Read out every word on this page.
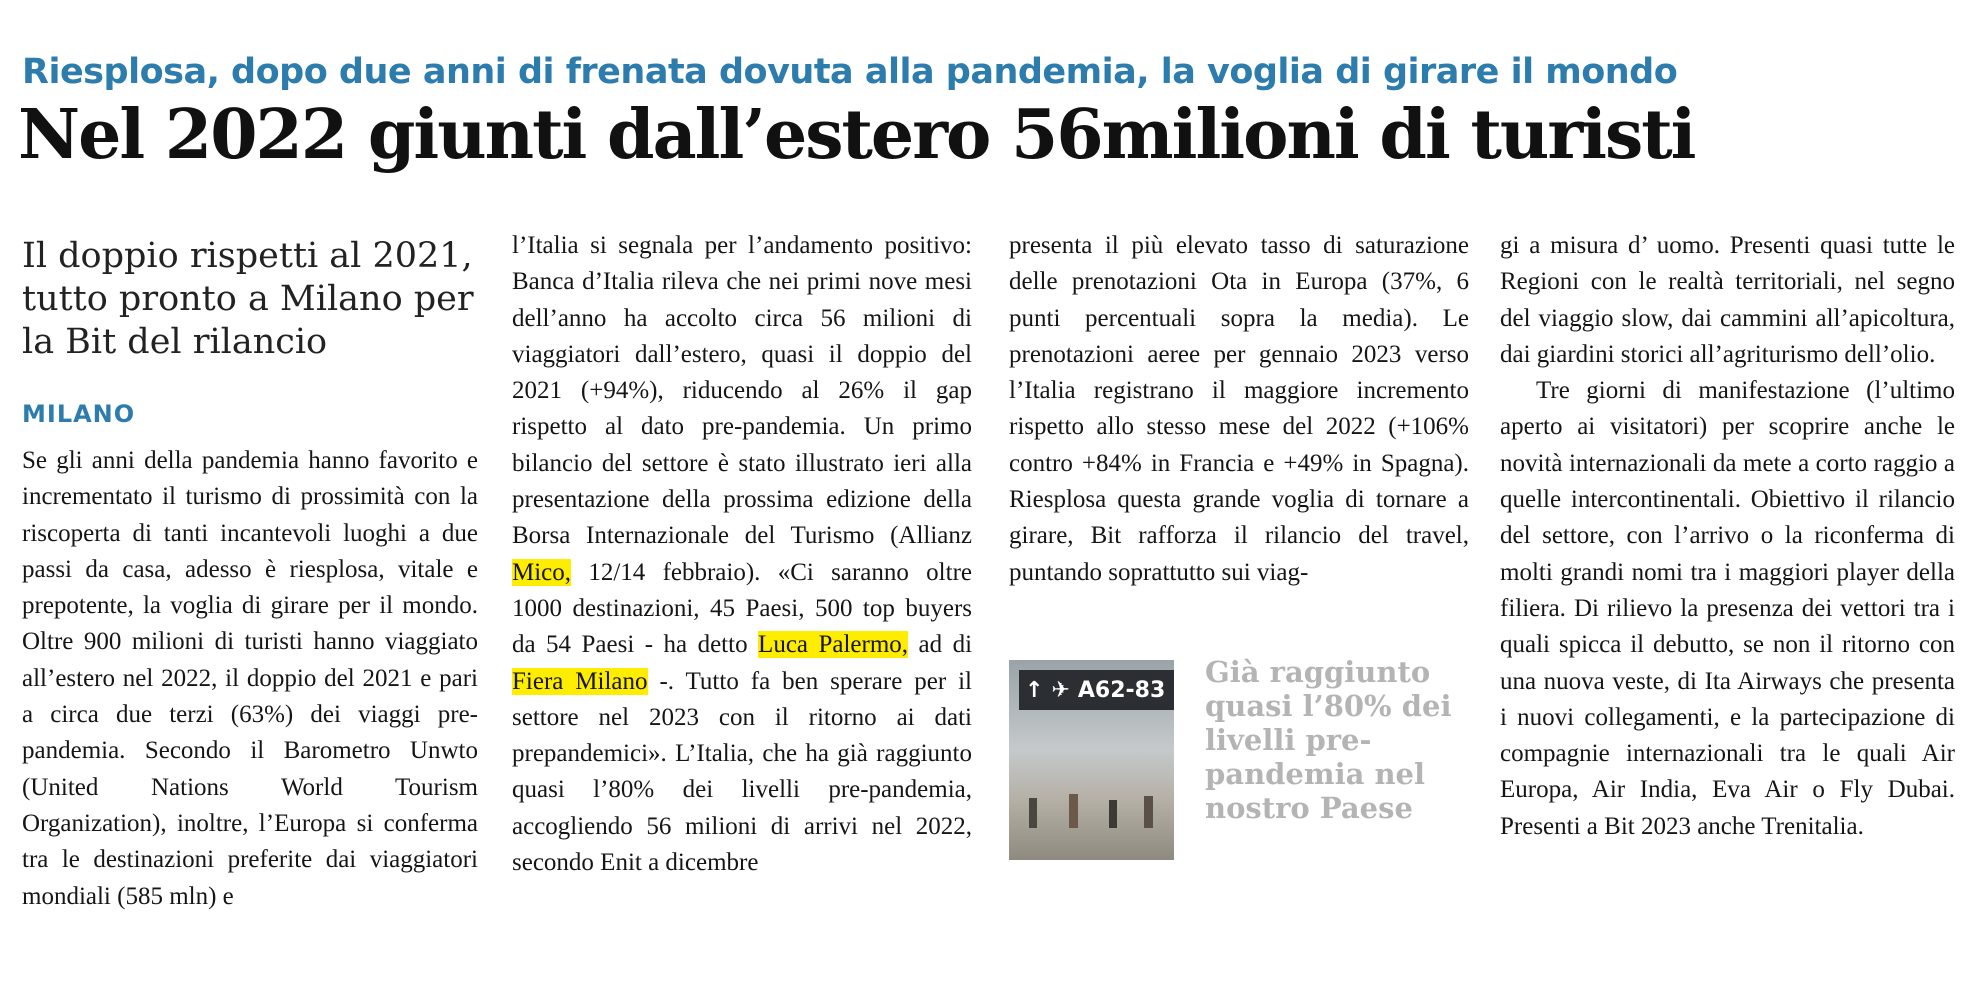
Riesplosa, dopo due anni di frenata dovuta alla pandemia, la voglia di girare il mondo
Nel 2022 giunti dall’estero 56milioni di turisti
Il doppio rispetti al 2021, tutto pronto a Milano per la Bit del rilancio
MILANO

Se gli anni della pandemia hanno favorito e incrementato il turismo di prossimità con la riscoperta di tanti incantevoli luoghi a due passi da casa, adesso è riesplosa, vitale e prepotente, la voglia di girare per il mondo. Oltre 900 milioni di turisti hanno viaggiato all’estero nel 2022, il doppio del 2021 e pari a circa due terzi (63%) dei viaggi pre-pandemia. Secondo il Barometro Unwto (United Nations World Tourism Organization), inoltre, l’Europa si conferma tra le destinazioni preferite dai viaggiatori mondiali (585 mln) e

l’Italia si segnala per l’andamento positivo: Banca d’Italia rileva che nei primi nove mesi dell’anno ha accolto circa 56 milioni di viaggiatori dall’estero, quasi il doppio del 2021 (+94%), riducendo al 26% il gap rispetto al dato pre-pandemia. Un primo bilancio del settore è stato illustrato ieri alla presentazione della prossima edizione della Borsa Internazionale del Turismo (Allianz Mico, 12/14 febbraio). «Ci saranno oltre 1000 destinazioni, 45 Paesi, 500 top buyers da 54 Paesi - ha detto Luca Palermo, ad di Fiera Milano -. Tutto fa ben sperare per il settore nel 2023 con il ritorno ai dati prepandemici». L’Italia, che ha già raggiunto quasi l’80% dei livelli pre-pandemia, accogliendo 56 milioni di arrivi nel 2022, secondo Enit a dicembre

presenta il più elevato tasso di saturazione delle prenotazioni Ota in Europa (37%, 6 punti percentuali sopra la media). Le prenotazioni aeree per gennaio 2023 verso l’Italia registrano il maggiore incremento rispetto allo stesso mese del 2022 (+106% contro +84% in Francia e +49% in Spagna). Riesplosa questa grande voglia di tornare a girare, Bit rafforza il rilancio del travel, puntando soprattutto sui viag-

↑ ✈ A62-83
Già raggiunto quasi l’80% dei livelli pre-pandemia nel nostro Paese

gi a misura d’ uomo. Presenti quasi tutte le Regioni con le realtà territoriali, nel segno del viaggio slow, dai cammini all’apicoltura, dai giardini storici all’agriturismo dell’olio.

Tre giorni di manifestazione (l’ultimo aperto ai visitatori) per scoprire anche le novità internazionali da mete a corto raggio a quelle intercontinentali. Obiettivo il rilancio del settore, con l’arrivo o la riconferma di molti grandi nomi tra i maggiori player della filiera. Di rilievo la presenza dei vettori tra i quali spicca il debutto, se non il ritorno con una nuova veste, di Ita Airways che presenta i nuovi collegamenti, e la partecipazione di compagnie internazionali tra le quali Air Europa, Air India, Eva Air o Fly Dubai. Presenti a Bit 2023 anche Trenitalia.
